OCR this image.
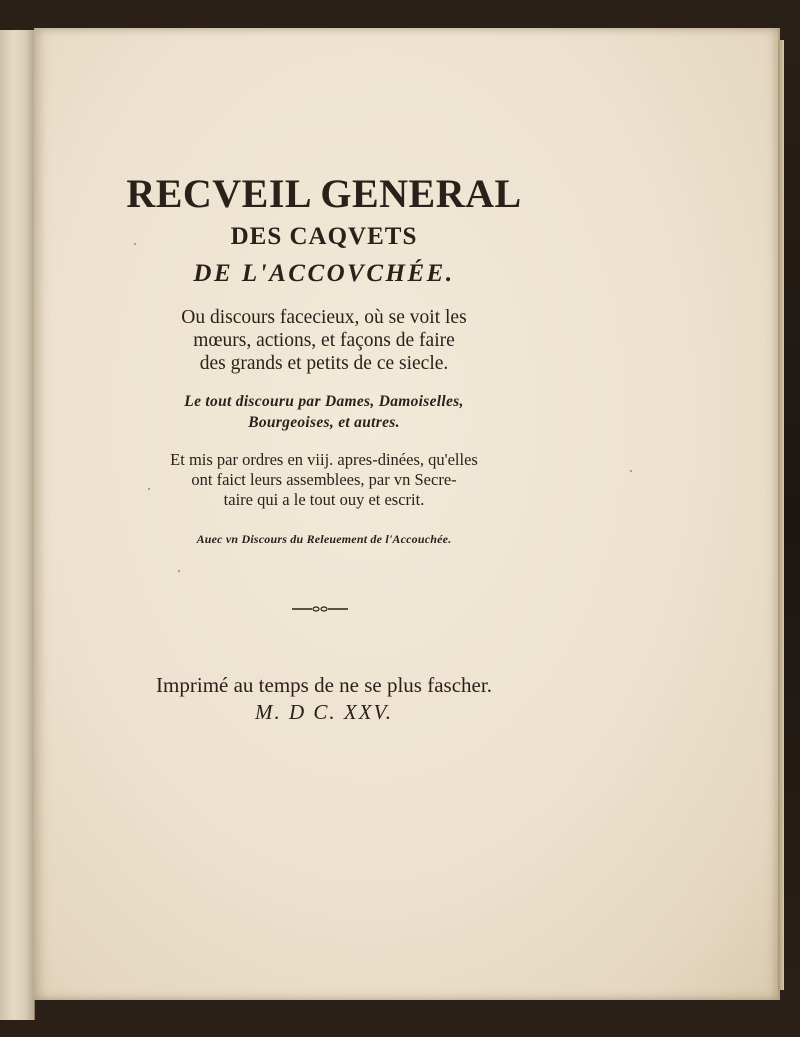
RECVEIL GENERAL
DES CAQVETS
DE L'ACCOVCHÉE.
Ou discours facecieux, où se voit les
mœurs, actions, et façons de faire
des grands et petits de ce siecle.
Le tout discouru par Dames, Damoiselles,
Bourgeoises, et autres.
Et mis par ordres en viij. apres-dinées, qu'elles
ont faict leurs assemblees, par vn Secre-
taire qui a le tout ouy et escrit.
Auec vn Discours du Releuement de l'Accouchée.
Imprimé au temps de ne se plus fascher.
M. D C. XXV.
